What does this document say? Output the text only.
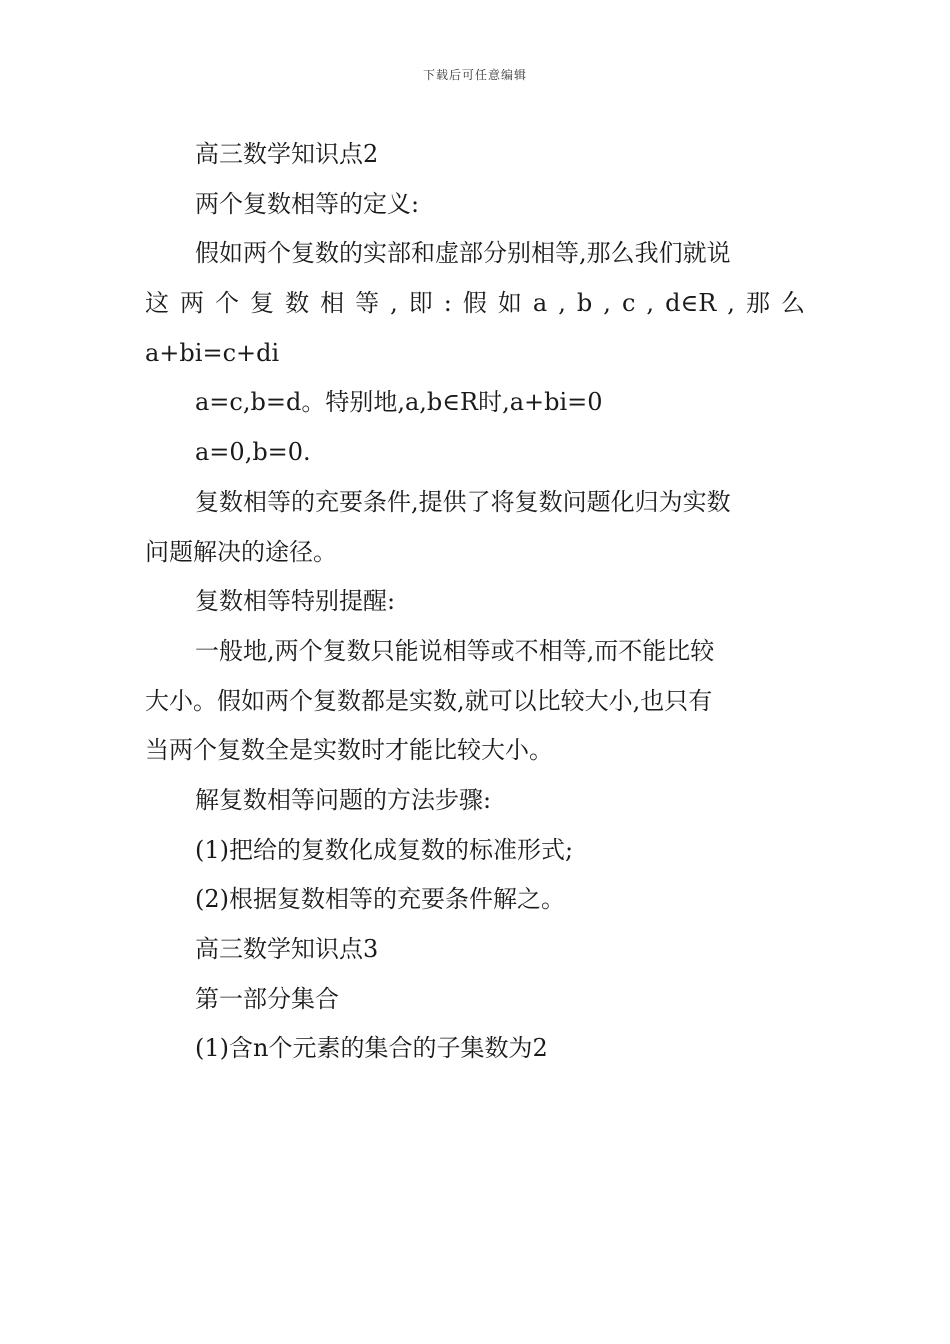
下载后可任意编辑
高三数学知识点2
两个复数相等的定义:
假如两个复数的实部和虚部分别相等,那么我们就说
这 两 个 复 数 相 等 , 即 : 假 如 a , b , c , d∈R , 那 么
a+bi=c+di
a=c,b=d。特别地,a,b∈R时,a+bi=0
a=0,b=0.
复数相等的充要条件,提供了将复数问题化归为实数
问题解决的途径。
复数相等特别提醒:
一般地,两个复数只能说相等或不相等,而不能比较
大小。假如两个复数都是实数,就可以比较大小,也只有
当两个复数全是实数时才能比较大小。
解复数相等问题的方法步骤:
(1)把给的复数化成复数的标准形式;
(2)根据复数相等的充要条件解之。
高三数学知识点3
第一部分集合
(1)含n个元素的集合的子集数为2
